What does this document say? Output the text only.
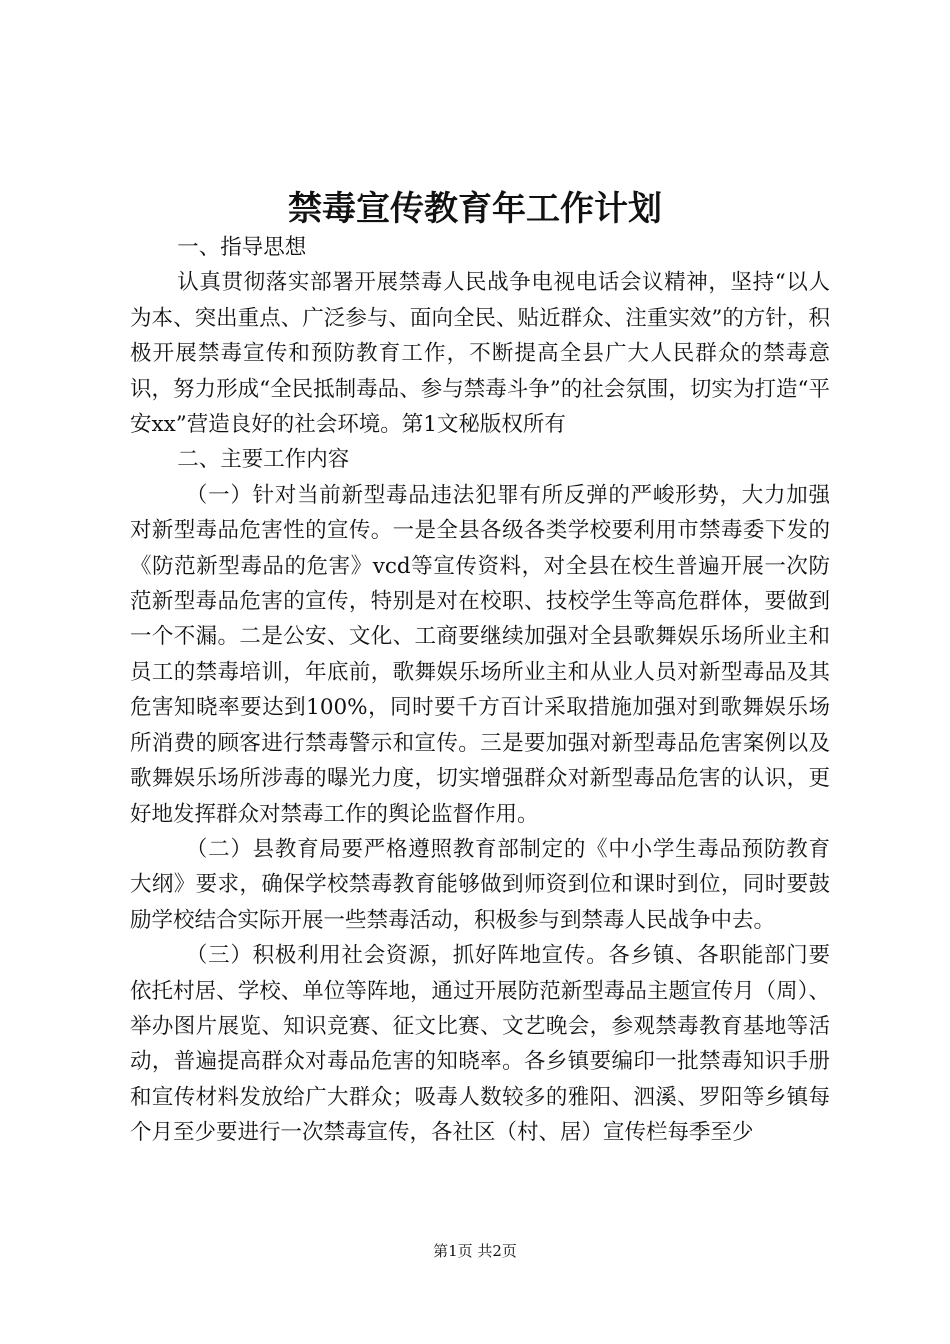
禁毒宣传教育年工作计划

一、指导思想

认真贯彻落实部署开展禁毒人民战争电视电话会议精神，坚持“以人为本、突出重点、广泛参与、面向全民、贴近群众、注重实效”的方针，积极开展禁毒宣传和预防教育工作，不断提高全县广大人民群众的禁毒意识，努力形成“全民抵制毒品、参与禁毒斗争”的社会氛围，切实为打造“平安xx”营造良好的社会环境。第1文秘版权所有

二、主要工作内容

（一）针对当前新型毒品违法犯罪有所反弹的严峻形势，大力加强对新型毒品危害性的宣传。一是全县各级各类学校要利用市禁毒委下发的《防范新型毒品的危害》vcd等宣传资料，对全县在校生普遍开展一次防范新型毒品危害的宣传，特别是对在校职、技校学生等高危群体，要做到一个不漏。二是公安、文化、工商要继续加强对全县歌舞娱乐场所业主和员工的禁毒培训，年底前，歌舞娱乐场所业主和从业人员对新型毒品及其危害知晓率要达到100%，同时要千方百计采取措施加强对到歌舞娱乐场所消费的顾客进行禁毒警示和宣传。三是要加强对新型毒品危害案例以及歌舞娱乐场所涉毒的曝光力度，切实增强群众对新型毒品危害的认识，更好地发挥群众对禁毒工作的舆论监督作用。

（二）县教育局要严格遵照教育部制定的《中小学生毒品预防教育大纲》要求，确保学校禁毒教育能够做到师资到位和课时到位，同时要鼓励学校结合实际开展一些禁毒活动，积极参与到禁毒人民战争中去。

（三）积极利用社会资源，抓好阵地宣传。各乡镇、各职能部门要依托村居、学校、单位等阵地，通过开展防范新型毒品主题宣传月（周）、举办图片展览、知识竞赛、征文比赛、文艺晚会，参观禁毒教育基地等活动，普遍提高群众对毒品危害的知晓率。各乡镇要编印一批禁毒知识手册和宣传材料发放给广大群众；吸毒人数较多的雅阳、泗溪、罗阳等乡镇每个月至少要进行一次禁毒宣传，各社区（村、居）宣传栏每季至少

第1页 共2页
